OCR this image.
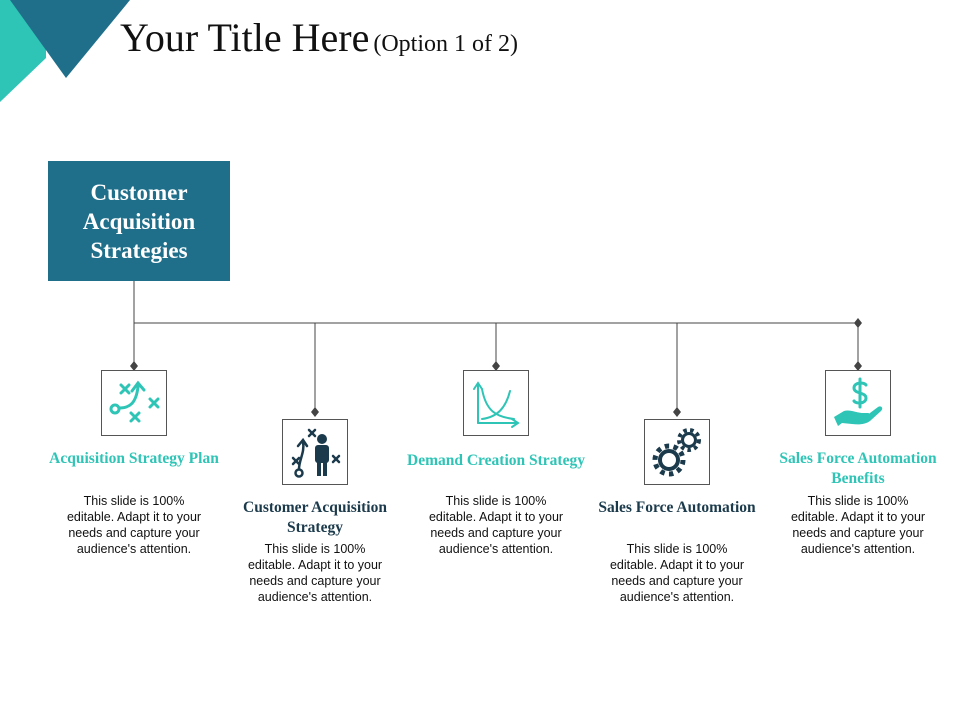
Your Title Here (Option 1 of 2)
Customer Acquisition Strategies
Acquisition Strategy Plan
This slide is 100% editable. Adapt it to your needs and capture your audience's attention.
Customer Acquisition Strategy
This slide is 100% editable. Adapt it to your needs and capture your audience's attention.
Demand Creation Strategy
This slide is 100% editable. Adapt it to your needs and capture your audience's attention.
Sales Force Automation
This slide is 100% editable. Adapt it to your needs and capture your audience's attention.
Sales Force Automation Benefits
This slide is 100% editable. Adapt it to your needs and capture your audience's attention.
